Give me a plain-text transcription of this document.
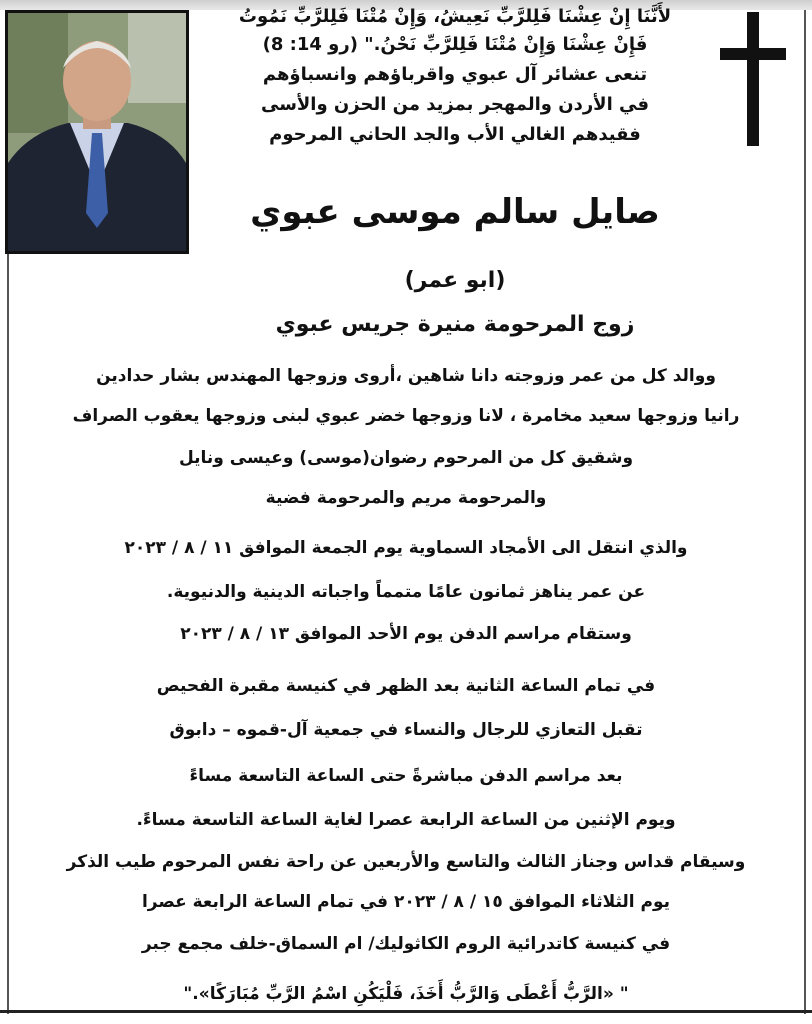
لأَنَّنَا إِنْ عِشْنَا فَلِلرَّبِّ نَعِيشُ، وَإِنْ مُتْنَا فَلِلرَّبِّ نَمُوتُ
فَإِنْ عِشْنَا وَإِنْ مُتْنَا فَلِلرَّبِّ نَحْنُ." (رو 14: 8)
تنعى عشائر آل عبوي واقرباؤهم وانسباؤهم
في الأردن والمهجر بمزيد من الحزن والأسى
فقيدهم الغالي الأب والجد الحاني المرحوم
صايل سالم موسى عبوي
(ابو عمر)
زوج المرحومة منيرة جريس عبوي
ووالد كل من عمر وزوجته دانا شاهين ،أروى وزوجها المهندس بشار حدادين
رانيا وزوجها سعيد مخامرة ، لانا وزوجها خضر عبوي لبنى وزوجها يعقوب الصراف
وشقيق كل من المرحوم رضوان(موسى) وعيسى ونايل
والمرحومة مريم والمرحومة فضية
والذي انتقل الى الأمجاد السماوية يوم الجمعة الموافق ١١ / ٨ / ٢٠٢٣
عن عمر يناهز ثمانون عامًا متمماً واجباته الدينية والدنيوية.
وستقام مراسم الدفن يوم الأحد الموافق ١٣ / ٨ / ٢٠٢٣
في تمام الساعة الثانية بعد الظهر في كنيسة مقبرة الفحيص
تقبل التعازي للرجال والنساء في جمعية آل-قموه – دابوق
بعد مراسم الدفن مباشرةً حتى الساعة التاسعة مساءً
ويوم الإثنين من الساعة الرابعة عصرا لغاية الساعة التاسعة مساءً.
وسيقام قداس وجناز الثالث والتاسع والأربعين عن راحة نفس المرحوم طيب الذكر
يوم الثلاثاء الموافق ١٥ / ٨ / ٢٠٢٣ في تمام الساعة الرابعة عصرا
في كنيسة كاتدرائية الروم الكاثوليك/ ام السماق-خلف مجمع جبر
" «الرَّبُّ أَعْطَى وَالرَّبُّ أَخَذَ، فَلْيَكُنِ اسْمُ الرَّبِّ مُبَارَكًا»."
